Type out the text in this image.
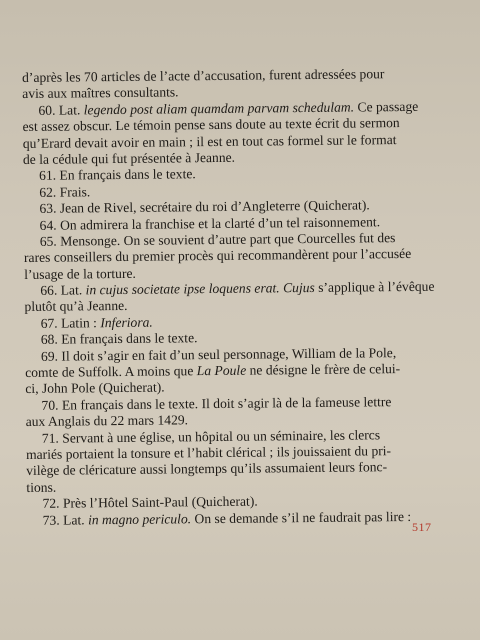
d’après les 70 articles de l’acte d’accusation, furent adressées pour
avis aux maîtres consultants.
60. Lat. legendo post aliam quamdam parvam schedulam. Ce passage
est assez obscur. Le témoin pense sans doute au texte écrit du sermon
qu’Erard devait avoir en main ; il est en tout cas formel sur le format
de la cédule qui fut présentée à Jeanne.
61. En français dans le texte.
62. Frais.
63. Jean de Rivel, secrétaire du roi d’Angleterre (Quicherat).
64. On admirera la franchise et la clarté d’un tel raisonnement.
65. Mensonge. On se souvient d’autre part que Courcelles fut des
rares conseillers du premier procès qui recommandèrent pour l’accusée
l’usage de la torture.
66. Lat. in cujus societate ipse loquens erat. Cujus s’applique à l’évêque
plutôt qu’à Jeanne.
67. Latin : Inferiora.
68. En français dans le texte.
69. Il doit s’agir en fait d’un seul personnage, William de la Pole,
comte de Suffolk. A moins que La Poule ne désigne le frère de celui-
ci, John Pole (Quicherat).
70. En français dans le texte. Il doit s’agir là de la fameuse lettre
aux Anglais du 22 mars 1429.
71. Servant à une église, un hôpital ou un séminaire, les clercs
mariés portaient la tonsure et l’habit clérical ; ils jouissaient du pri-
vilège de cléricature aussi longtemps qu’ils assumaient leurs fonc-
tions.
72. Près l’Hôtel Saint-Paul (Quicherat).
73. Lat. in magno periculo. On se demande s’il ne faudrait pas lire :
517
